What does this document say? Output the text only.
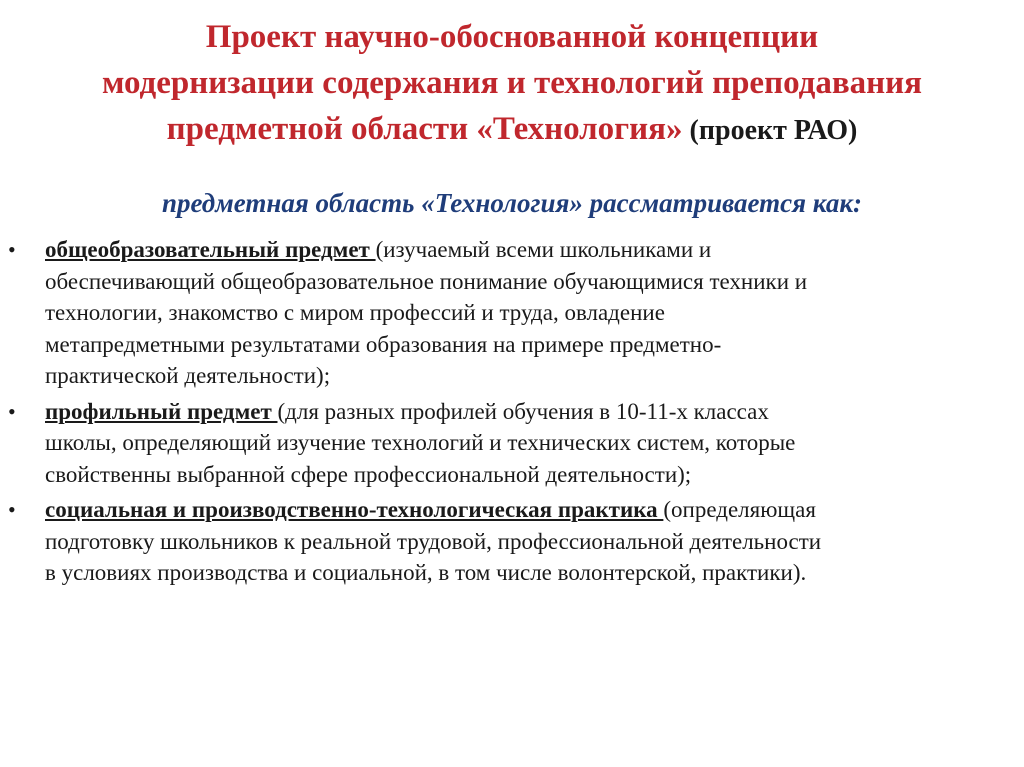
Проект научно-обоснованной концепции
модернизации содержания и технологий преподавания
предметной области «Технология» (проект РАО)
предметная область «Технология» рассматривается как:
• общеобразовательный предмет (изучаемый всеми школьниками и
обеспечивающий общеобразовательное понимание обучающимися техники и
технологии, знакомство с миром профессий и труда, овладение
метапредметными результатами образования на примере предметно-
практической деятельности);
• профильный предмет (для разных профилей обучения в 10-11-х классах
школы, определяющий изучение технологий и технических систем, которые
свойственны выбранной сфере профессиональной деятельности);
• социальная и производственно-технологическая практика (определяющая
подготовку школьников к реальной трудовой, профессиональной деятельности
в условиях производства и социальной, в том числе волонтерской, практики).
